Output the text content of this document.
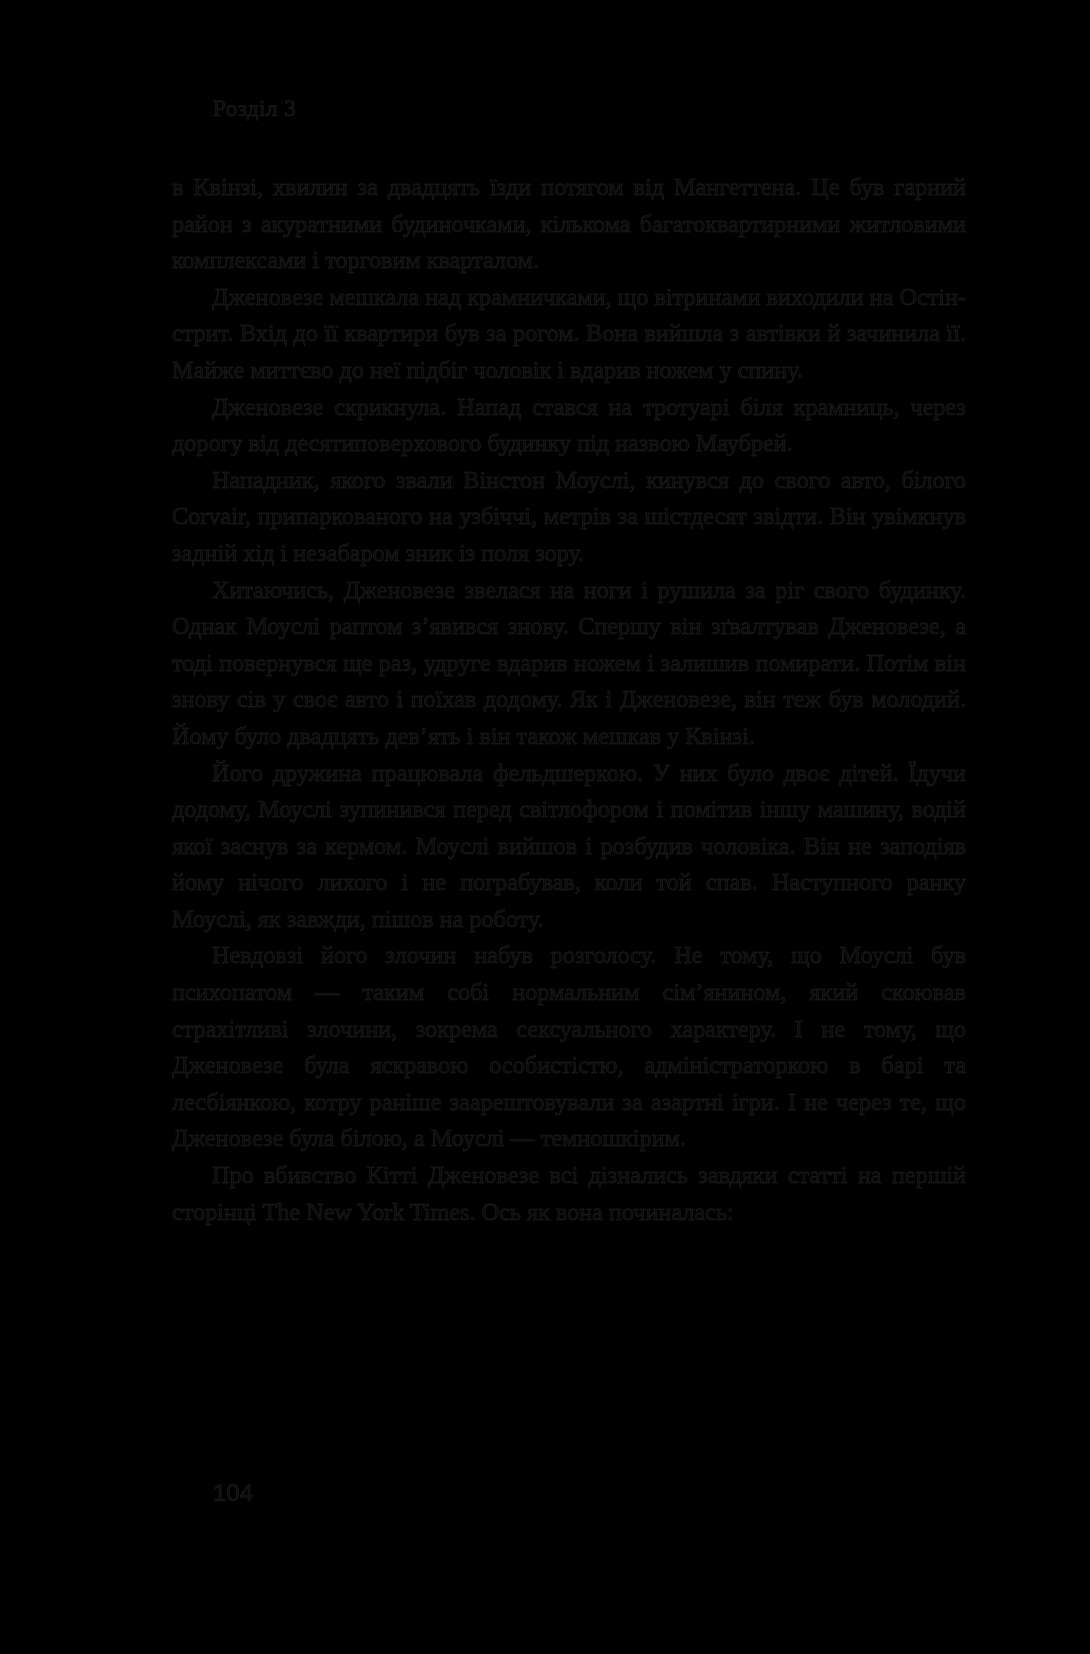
Розділ 3

в Квінзі, хвилин за двадцять їзди потягом від Мангеттена. Це був гарний район з акуратними будиночками, кількома багатоквартирними житловими комплексами і торговим кварталом.

Дженовезе мешкала над крамничками, що вітринами виходили на Остін-стрит. Вхід до її квартири був за рогом. Вона вийшла з автівки й зачинила її. Майже миттєво до неї підбіг чоловік і вдарив ножем у спину.

Дженовезе скрикнула. Напад стався на тротуарі біля крамниць, через дорогу від десятиповерхового будинку під назвою Маубрей.

Нападник, якого звали Вінстон Моуслі, кинувся до свого авто, білого Corvair, припаркованого на узбіччі, метрів за шістдесят звідти. Він увімкнув задній хід і незабаром зник із поля зору.

Хитаючись, Дженовезе звелася на ноги і рушила за ріг свого будинку. Однак Моуслі раптом з’явився знову. Спершу він зґвалтував Дженовезе, а тоді повернувся ще раз, удруге вдарив ножем і залишив помирати. Потім він знову сів у своє авто і поїхав додому. Як і Дженовезе, він теж був молодий. Йому було двадцять дев’ять і він також мешкав у Квінзі.

Його дружина працювала фельдшеркою. У них було двоє дітей. Їдучи додому, Моуслі зупинився перед світлофором і помітив іншу машину, водій якої заснув за кермом. Моуслі вийшов і розбудив чоловіка. Він не заподіяв йому нічого лихого і не пограбував, коли той спав. Наступного ранку Моуслі, як завжди, пішов на роботу.

Невдовзі його злочин набув розголосу. Не тому, що Моуслі був психопатом — таким собі нормальним сім’янином, який скоював страхітливі злочини, зокрема сексуального характеру. І не тому, що Дженовезе була яскравою особистістю, адміністраторкою в барі та лесбіянкою, котру раніше заарештовували за азартні ігри. І не через те, що Дженовезе була білою, а Моуслі — темношкірим.

Про вбивство Кітті Дженовезе всі дізнались завдяки статті на першій сторінці The New York Times. Ось як вона починалась:

104
